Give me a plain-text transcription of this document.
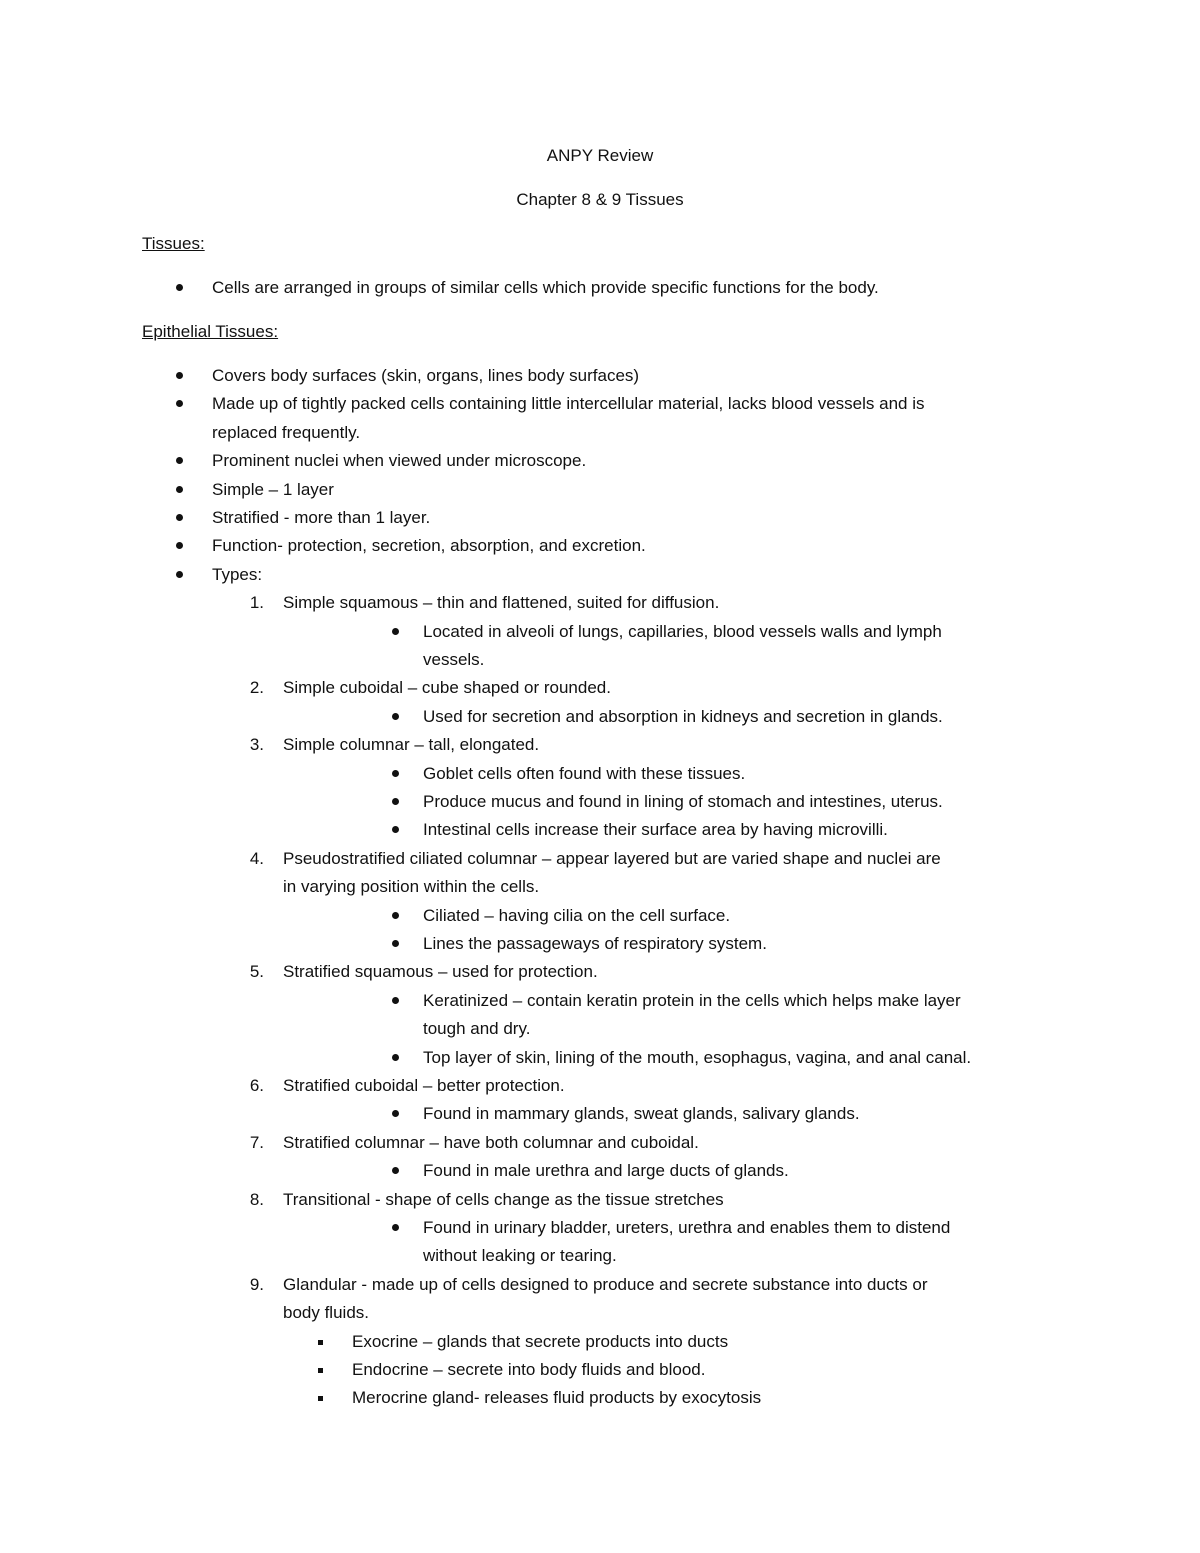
ANPY Review
Chapter 8 & 9 Tissues
Tissues:
Epithelial Tissues:
Cells are arranged in groups of similar cells which provide specific functions for the body.
Covers body surfaces (skin, organs, lines body surfaces)
Made up of tightly packed cells containing little intercellular material, lacks blood vessels and is
replaced frequently.
Prominent nuclei when viewed under microscope.
Simple – 1 layer
Stratified - more than 1 layer.
Function- protection, secretion, absorption, and excretion.
Types:
1. Simple squamous – thin and flattened, suited for diffusion.
Located in alveoli of lungs, capillaries, blood vessels walls and lymph
vessels.
2. Simple cuboidal – cube shaped or rounded.
Used for secretion and absorption in kidneys and secretion in glands.
3. Simple columnar – tall, elongated.
Goblet cells often found with these tissues.
Produce mucus and found in lining of stomach and intestines, uterus.
Intestinal cells increase their surface area by having microvilli.
4. Pseudostratified ciliated columnar – appear layered but are varied shape and nuclei are
in varying position within the cells.
Ciliated – having cilia on the cell surface.
Lines the passageways of respiratory system.
5. Stratified squamous – used for protection.
Keratinized – contain keratin protein in the cells which helps make layer
tough and dry.
Top layer of skin, lining of the mouth, esophagus, vagina, and anal canal.
6. Stratified cuboidal – better protection.
Found in mammary glands, sweat glands, salivary glands.
7. Stratified columnar – have both columnar and cuboidal.
Found in male urethra and large ducts of glands.
8. Transitional - shape of cells change as the tissue stretches
Found in urinary bladder, ureters, urethra and enables them to distend
without leaking or tearing.
9. Glandular - made up of cells designed to produce and secrete substance into ducts or
body fluids.
Exocrine – glands that secrete products into ducts
Endocrine – secrete into body fluids and blood.
Merocrine gland- releases fluid products by exocytosis
